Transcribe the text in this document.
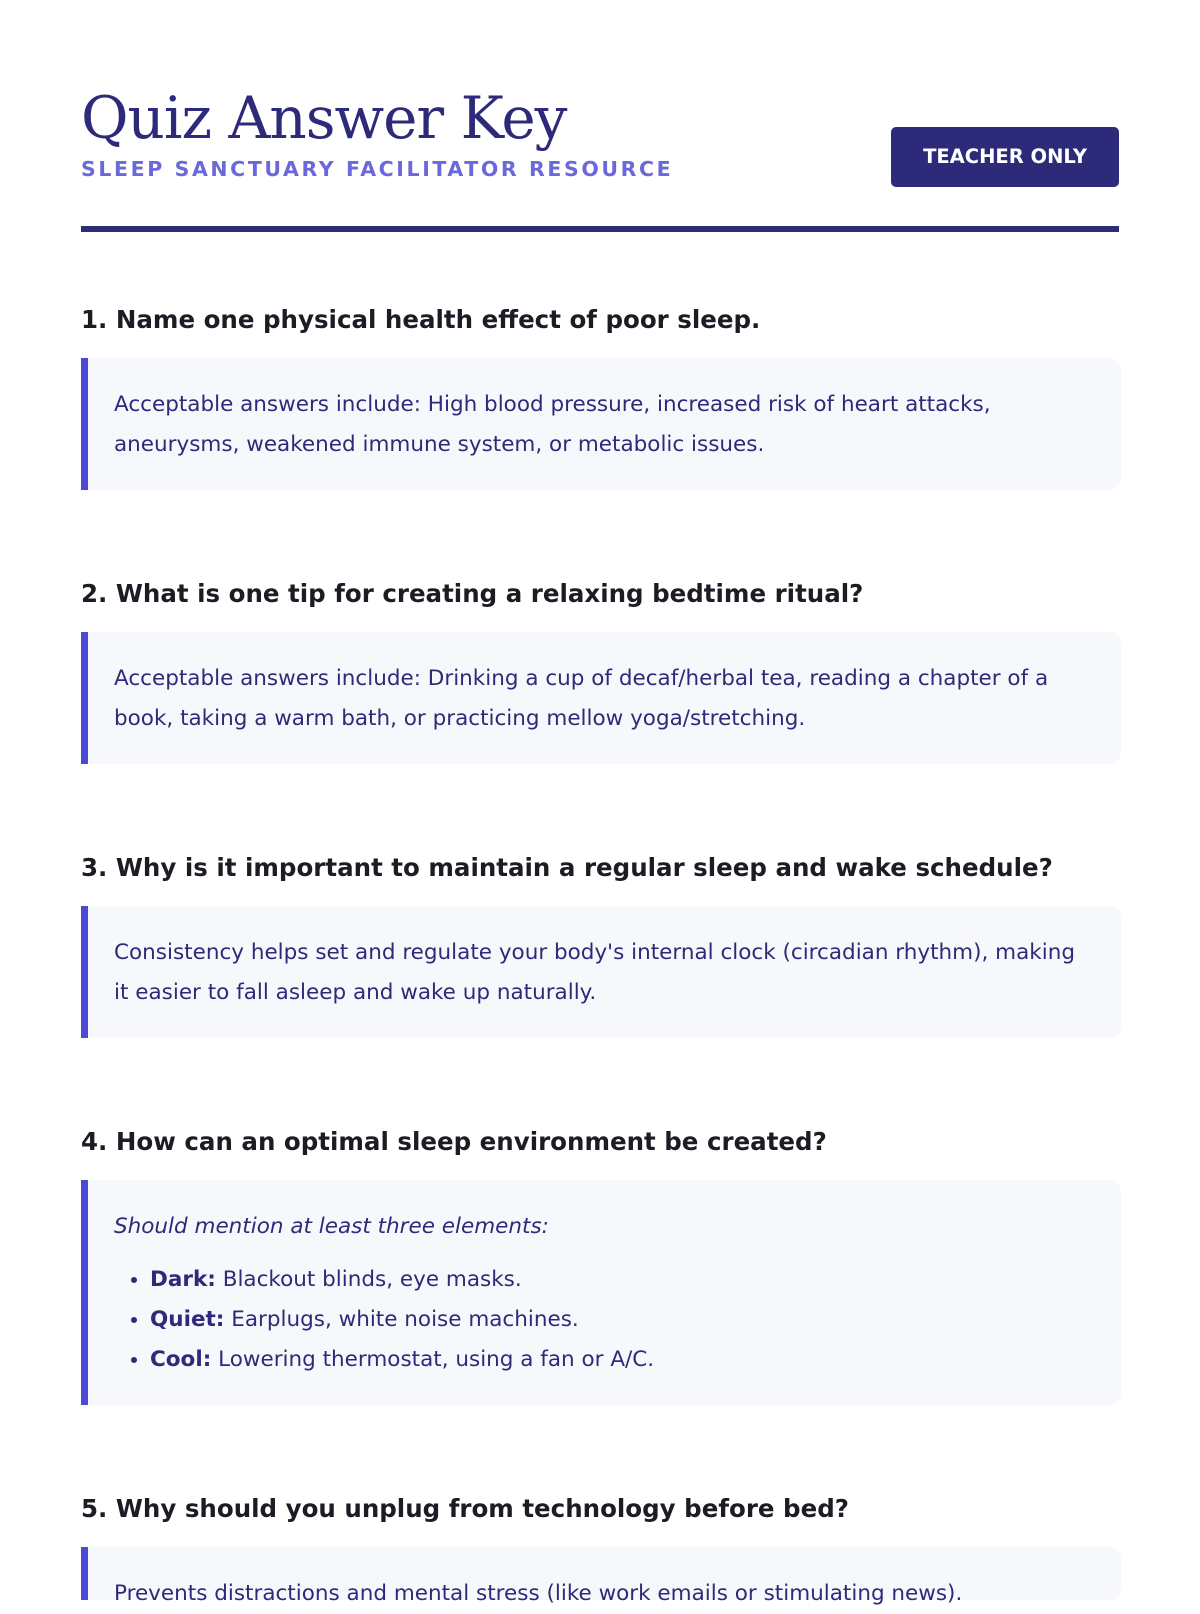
Quiz Answer Key
SLEEP SANCTUARY FACILITATOR RESOURCE
TEACHER ONLY
1. Name one physical health effect of poor sleep.

Acceptable answers include: High blood pressure, increased risk of heart attacks, aneurysms, weakened immune system, or metabolic issues.

2. What is one tip for creating a relaxing bedtime ritual?

Acceptable answers include: Drinking a cup of decaf/herbal tea, reading a chapter of a book, taking a warm bath, or practicing mellow yoga/stretching.

3. Why is it important to maintain a regular sleep and wake schedule?

Consistency helps set and regulate your body's internal clock (circadian rhythm), making it easier to fall asleep and wake up naturally.

4. How can an optimal sleep environment be created?

Should mention at least three elements:

• Dark: Blackout blinds, eye masks.
• Quiet: Earplugs, white noise machines.
• Cool: Lowering thermostat, using a fan or A/C.
5. Why should you unplug from technology before bed?

Prevents distractions and mental stress (like work emails or stimulating news).
